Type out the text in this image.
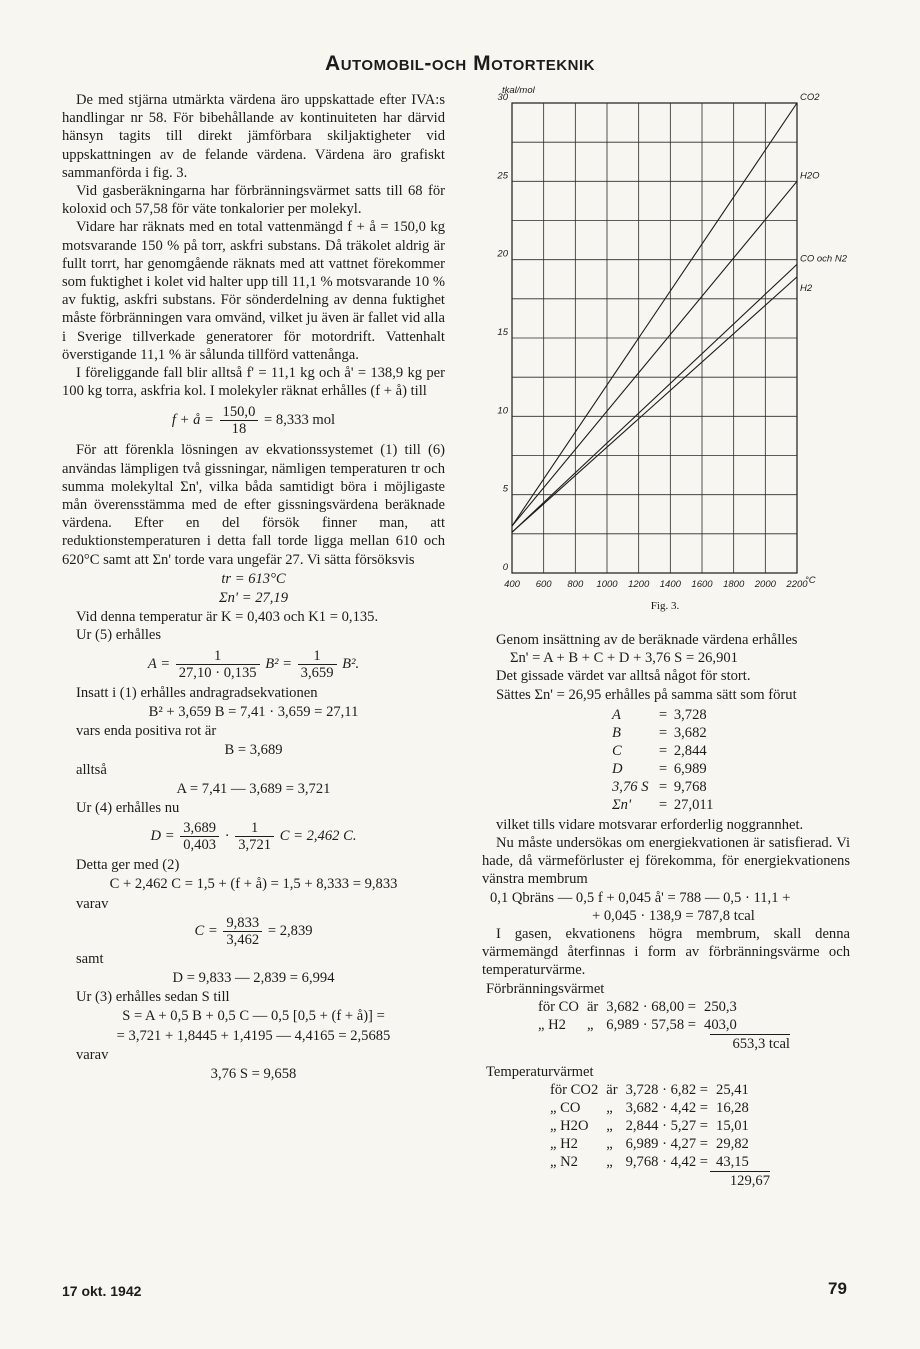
Automobil-och Motorteknik

De med stjärna utmärkta värdena äro uppskattade efter IVA:s handlingar nr 58. För bibehållande av kontinuiteten har därvid hänsyn tagits till direkt jämförbara skiljaktigheter vid uppskattningen av de felande värdena. Värdena äro grafiskt sammanförda i fig. 3.

Vid gasberäkningarna har förbränningsvärmet satts till 68 för koloxid och 57,58 för väte tonkalorier per molekyl.

Vidare har räknats med en total vattenmängd f + å = 150,0 kg motsvarande 150 % på torr, askfri substans. Då träkolet aldrig är fullt torrt, har genomgående räknats med att vattnet förekommer som fuktighet i kolet vid halter upp till 11,1 % motsvarande 10 % av fuktig, askfri substans. För sönderdelning av denna fuktighet måste förbränningen vara omvänd, vilket ju även är fallet vid alla i Sverige tillverkade generatorer för motordrift. Vattenhalt överstigande 11,1 % är sålunda tillförd vattenånga.

I föreliggande fall blir alltså f' = 11,1 kg och å' = 138,9 kg per 100 kg torra, askfria kol. I molekyler räknat erhålles (f + å) till

f + å = $\frac{150,0}{18} = 8,333$ mol

För att förenkla lösningen av ekvationssystemet (1) till (6) användas lämpligen två gissningar, nämligen temperaturen tr och summa molekyltal Σn', vilka båda samtidigt böra i möjligaste mån överensstämma med de efter gissningsvärdena beräknade värdena. Efter en del försök finner man, att reduktionstemperaturen i detta fall torde ligga mellan 610 och 620°C samt att Σn' torde vara ungefär 27. Vi sätta försöksvis

tr = 613°C
Σn' = 27,19

Vid denna temperatur är K = 0,403 och K1 = 0,135.

Ur (5) erhålles

$A = \frac{1}{27,10 \cdot 0,135} B^2 = \frac{1}{3,659} B^2$.

Insatt i (1) erhålles andragradsekvationen

B² + 3,659 B = 7,41 · 3,659 = 27,11

vars enda positiva rot är

B = 3,689

alltså

A = 7,41 — 3,689 = 3,721

Ur (4) erhålles nu

$D = \frac{3,689}{0,403} \cdot \frac{1}{3,721}$ C = 2,462 C.

Detta ger med (2)

C + 2,462 C = 1,5 + (f + å) = 1,5 + 8,333 = 9,833

varav

$C = \frac{9,833}{3,462} = 2,839$

samt

D = 9,833 — 2,839 = 6,994

Ur (3) erhålles sedan S till

S = A + 0,5 B + 0,5 C — 0,5 [0,5 + (f + å)] =
= 3,721 + 1,8445 + 1,4195 — 4,4165 = 2,5685

varav

3,76 S = 9,658
400 600 800 1000 1200 1400 1600 1800 2000 2200
°C
0
5
10
15
20
25
30
tkal/mol
CO2
H2O
CO och N2
H2
Fig. 3.

Genom insättning av de beräknade värdena erhålles

Σn' = A + B + C + D + 3,76 S = 26,901

Det gissade värdet var alltså något för stort.

Sättes Σn' = 26,95 erhålles på samma sätt som förut

A	=	3,728
B	=	3,682
C	=	2,844
D	=	6,989
3,76 S	=	9,768
Σn'	=	27,011

vilket tills vidare motsvarar erforderlig noggrannhet.

Nu måste undersökas om energiekvationen är satisfierad. Vi hade, då värmeförluster ej förekomma, för energiekvationens vänstra membrum

0,1 Qbräns — 0,5 f + 0,045 å' = 788 — 0,5 · 11,1 +
+ 0,045 · 138,9 = 787,8 tcal

I gasen, ekvationens högra membrum, skall denna värmemängd återfinnas i form av förbränningsvärme och temperaturvärme.

Förbränningsvärmet
för CO	är	3,682 · 68,00 =	250,3
„ H2	„	6,989 · 57,58 =	403,0
653,3 tcal
Temperaturvärmet
för CO2	är	3,728 · 6,82 =	25,41
„ CO	„	3,682 · 4,42 =	16,28
„ H2O	„	2,844 · 5,27 =	15,01
„ H2	„	6,989 · 4,27 =	29,82
„ N2	„	9,768 · 4,42 =	43,15
129,67
17 okt. 1942	79
